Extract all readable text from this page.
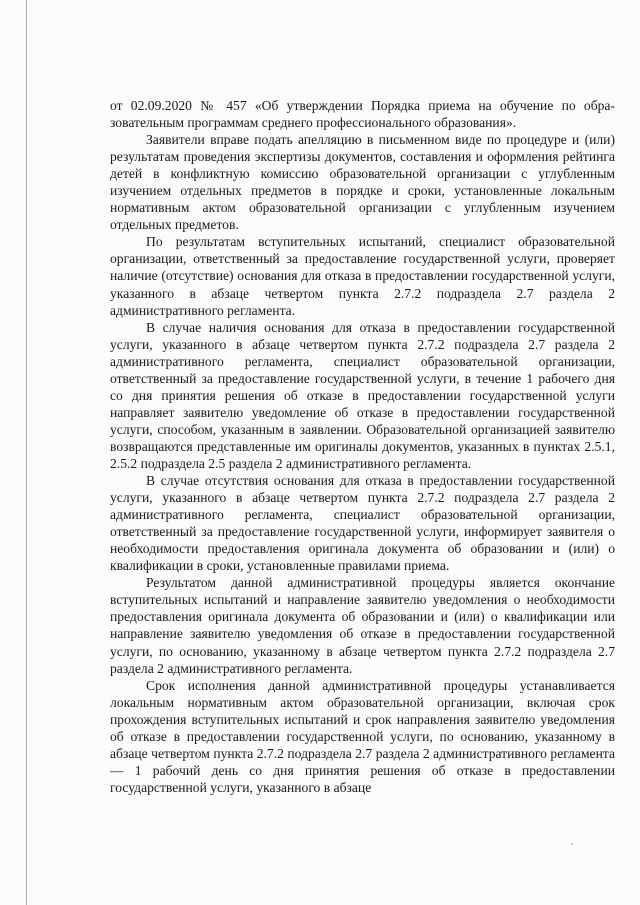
от 02.09.2020 № 457 «Об утверждении Порядка приема на обучение по образовательным программам среднего профессионального образования».

Заявители вправе подать апелляцию в письменном виде по процедуре и (или) результатам проведения экспертизы документов, составления и оформления рейтинга детей в конфликтную комиссию образовательной организации с углубленным изучением отдельных предметов в порядке и сроки, установленные локальным нормативным актом образовательной организации с углубленным изучением отдельных предметов.

По результатам вступительных испытаний, специалист образовательной организации, ответственный за предоставление государственной услуги, проверяет наличие (отсутствие) основания для отказа в предоставлении государственной услуги, указанного в абзаце четвертом пункта 2.7.2 подраздела 2.7 раздела 2 административного регламента.

В случае наличия основания для отказа в предоставлении государственной услуги, указанного в абзаце четвертом пункта 2.7.2 подраздела 2.7 раздела 2 административного регламента, специалист образовательной организации, ответственный за предоставление государственной услуги, в течение 1 рабочего дня со дня принятия решения об отказе в предоставлении государственной услуги направляет заявителю уведомление об отказе в предоставлении государственной услуги, способом, указанным в заявлении. Образовательной организацией заявителю возвращаются представленные им оригиналы документов, указанных в пунктах 2.5.1, 2.5.2 подраздела 2.5 раздела 2 административного регламента.

В случае отсутствия основания для отказа в предоставлении государственной услуги, указанного в абзаце четвертом пункта 2.7.2 подраздела 2.7 раздела 2 административного регламента, специалист образовательной организации, ответственный за предоставление государственной услуги, информирует заявителя о необходимости предоставления оригинала документа об образовании и (или) о квалификации в сроки, установленные правилами приема.

Результатом данной административной процедуры является окончание вступительных испытаний и направление заявителю уведомления о необходимости предоставления оригинала документа об образовании и (или) о квалификации или направление заявителю уведомления об отказе в предоставлении государственной услуги, по основанию, указанному в абзаце четвертом пункта 2.7.2 подраздела 2.7 раздела 2 административного регламента.

Срок исполнения данной административной процедуры устанавливается локальным нормативным актом образовательной организации, включая срок прохождения вступительных испытаний и срок направления заявителю уведомления об отказе в предоставлении государственной услуги, по основанию, указанному в абзаце четвертом пункта 2.7.2 подраздела 2.7 раздела 2 административного регламента — 1 рабочий день со дня принятия решения об отказе в предоставлении государственной услуги, указанного в абзаце
